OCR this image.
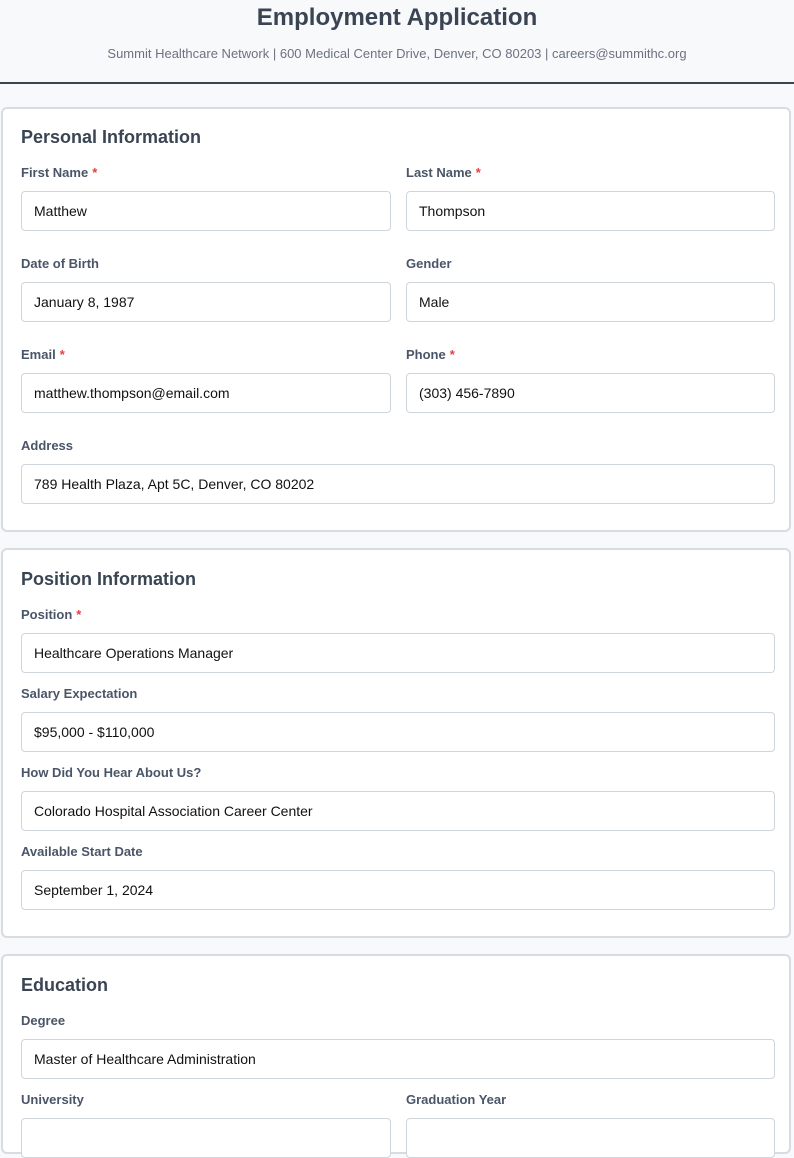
Employment Application
Summit Healthcare Network | 600 Medical Center Drive, Denver, CO 80203 | careers@summithc.org
Personal Information
First Name *
Matthew
Last Name *
Thompson
Date of Birth
January 8, 1987
Gender
Male
Email *
matthew.thompson@email.com
Phone *
(303) 456-7890
Address
789 Health Plaza, Apt 5C, Denver, CO 80202
Position Information
Position *
Healthcare Operations Manager
Salary Expectation
$95,000 - $110,000
How Did You Hear About Us?
Colorado Hospital Association Career Center
Available Start Date
September 1, 2024
Education
Degree
Master of Healthcare Administration
University	Graduation Year
